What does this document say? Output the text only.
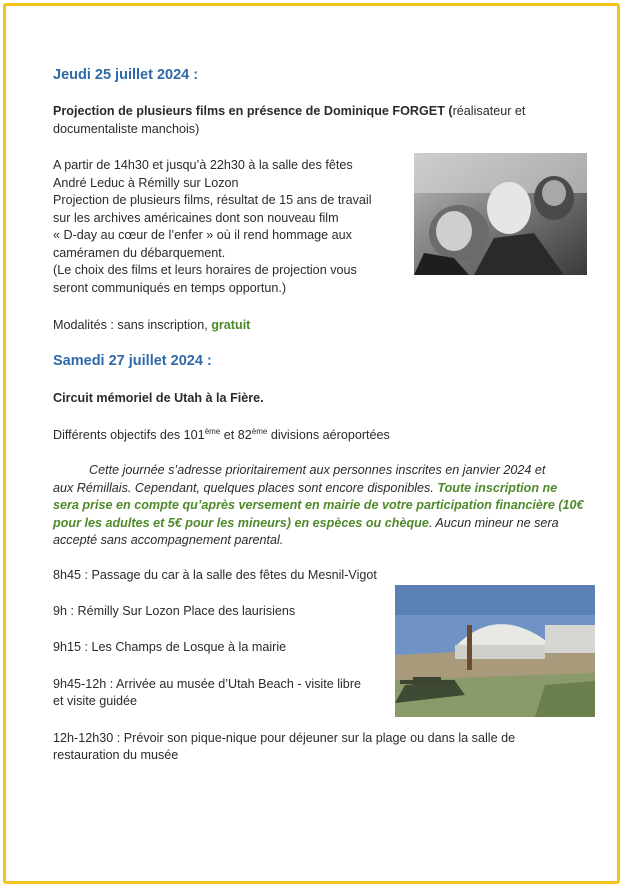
Jeudi 25 juillet 2024 :
Projection de plusieurs films en présence de Dominique FORGET (réalisateur et
documentaliste manchois)
A partir de 14h30 et jusqu’à 22h30 à la salle des fêtes
André Leduc à Rémilly sur Lozon
Projection de plusieurs films, résultat de 15 ans de travail
sur les archives américaines dont son nouveau film
« D-day au cœur de l’enfer » où il rend hommage aux
caméramen du débarquement.
(Le choix des films et leurs horaires de projection vous
seront communiqués en temps opportun.)
Modalités : sans inscription, gratuit
Samedi 27 juillet 2024 :
Circuit mémoriel de Utah à la Fière.
Différents objectifs des 101ème et 82ème divisions aéroportées
Cette journée s’adresse prioritairement aux personnes inscrites en janvier 2024 et
aux Rémillais. Cependant, quelques places sont encore disponibles. Toute inscription ne
sera prise en compte qu’après versement en mairie de votre participation financière (10€
pour les adultes et 5€ pour les mineurs) en espèces ou chèque. Aucun mineur ne sera
accepté sans accompagnement parental.
8h45 : Passage du car à la salle des fêtes du Mesnil-Vigot
9h : Rémilly Sur Lozon Place des laurisiens
9h15 : Les Champs de Losque à la mairie
9h45-12h : Arrivée au musée d’Utah Beach - visite libre
et visite guidée
12h-12h30 : Prévoir son pique-nique pour déjeuner sur la plage ou dans la salle de
restauration du musée
